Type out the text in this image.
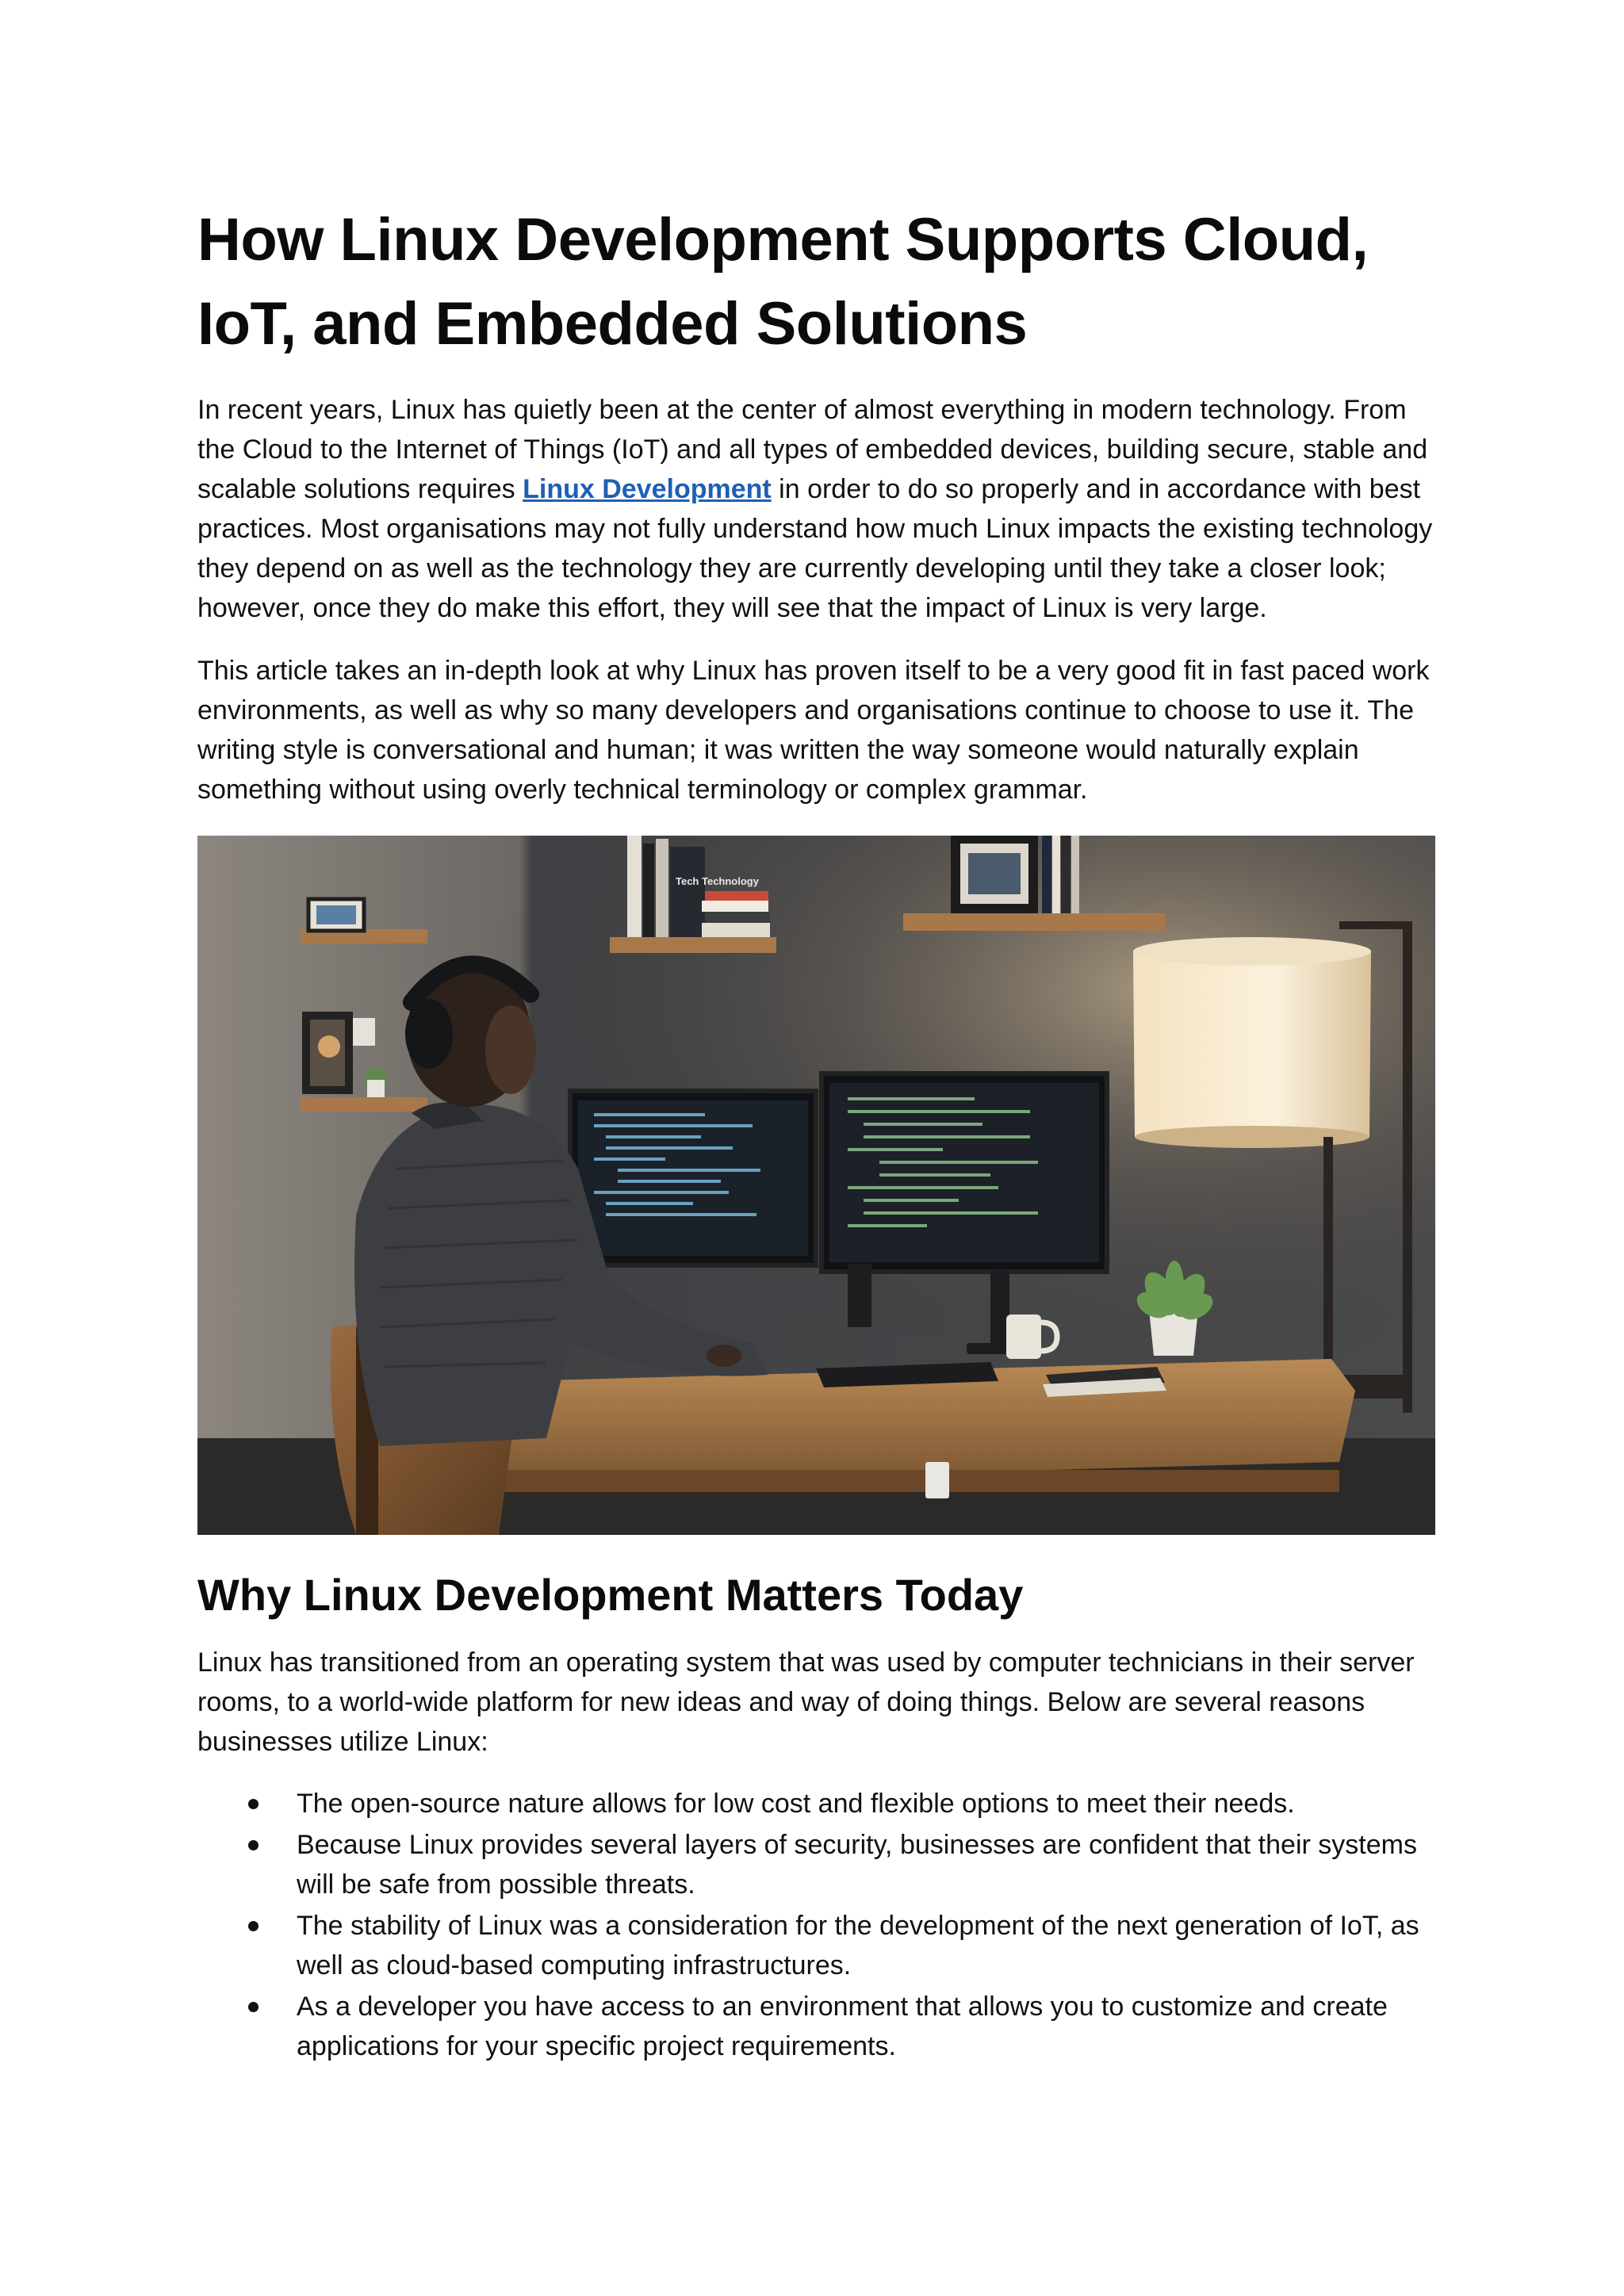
How Linux Development Supports Cloud, IoT, and Embedded Solutions

In recent years, Linux has quietly been at the center of almost everything in modern technology. From the Cloud to the Internet of Things (IoT) and all types of embedded devices, building secure, stable and scalable solutions requires Linux Development in order to do so properly and in accordance with best practices. Most organisations may not fully understand how much Linux impacts the existing technology they depend on as well as the technology they are currently developing until they take a closer look; however, once they do make this effort, they will see that the impact of Linux is very large.

This article takes an in-depth look at why Linux has proven itself to be a very good fit in fast paced work environments, as well as why so many developers and organisations continue to choose to use it. The writing style is conversational and human; it was written the way someone would naturally explain something without using overly technical terminology or complex grammar.

Tech Technology
Why Linux Development Matters Today

Linux has transitioned from an operating system that was used by computer technicians in their server rooms, to a world-wide platform for new ideas and way of doing things. Below are several reasons businesses utilize Linux:

The open-source nature allows for low cost and flexible options to meet their needs.
Because Linux provides several layers of security, businesses are confident that their systems will be safe from possible threats.
The stability of Linux was a consideration for the development of the next generation of IoT, as well as cloud-based computing infrastructures.
As a developer you have access to an environment that allows you to customize and create applications for your specific project requirements.
